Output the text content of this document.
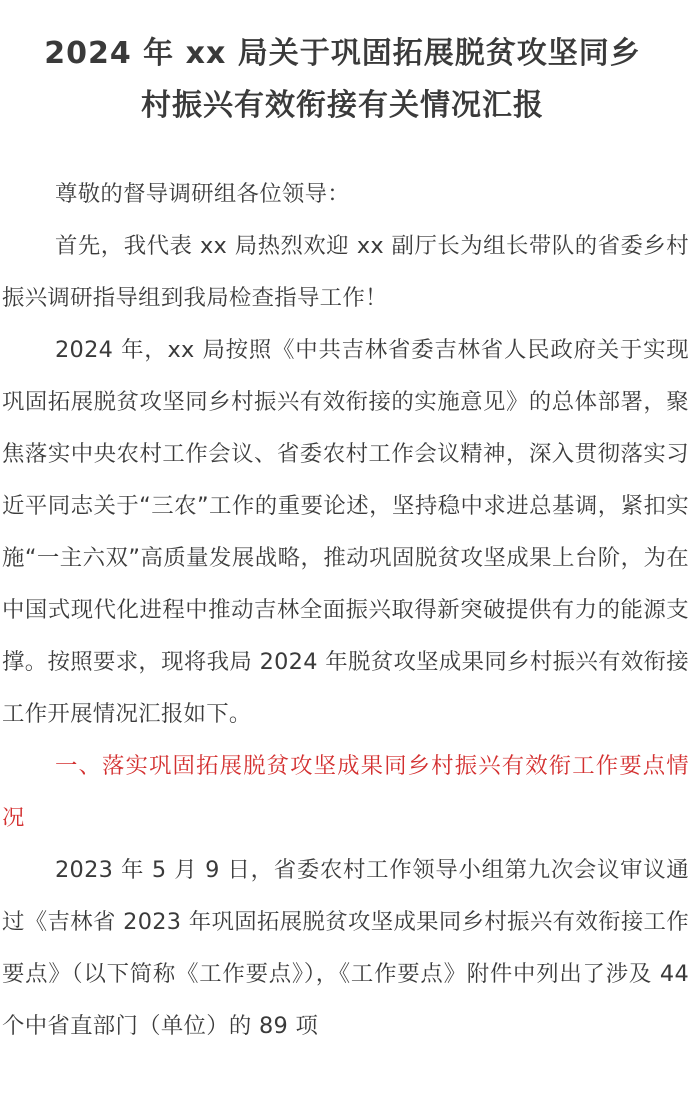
2024 年 xx 局关于巩固拓展脱贫攻坚同乡
村振兴有效衔接有关情况汇报

尊敬的督导调研组各位领导：

首先，我代表 xx 局热烈欢迎 xx 副厅长为组长带队的省委乡村振兴调研指导组到我局检查指导工作！

2024 年，xx 局按照《中共吉林省委吉林省人民政府关于实现巩固拓展脱贫攻坚同乡村振兴有效衔接的实施意见》的总体部署，聚焦落实中央农村工作会议、省委农村工作会议精神，深入贯彻落实习近平同志关于“三农”工作的重要论述，坚持稳中求进总基调，紧扣实施“一主六双”高质量发展战略，推动巩固脱贫攻坚成果上台阶，为在中国式现代化进程中推动吉林全面振兴取得新突破提供有力的能源支撑。按照要求，现将我局 2024 年脱贫攻坚成果同乡村振兴有效衔接工作开展情况汇报如下。

一、落实巩固拓展脱贫攻坚成果同乡村振兴有效衔工作要点情况

2023 年 5 月 9 日，省委农村工作领导小组第九次会议审议通过《吉林省 2023 年巩固拓展脱贫攻坚成果同乡村振兴有效衔接工作要点》（以下简称《工作要点》），《工作要点》附件中列出了涉及 44 个中省直部门（单位）的 89 项
